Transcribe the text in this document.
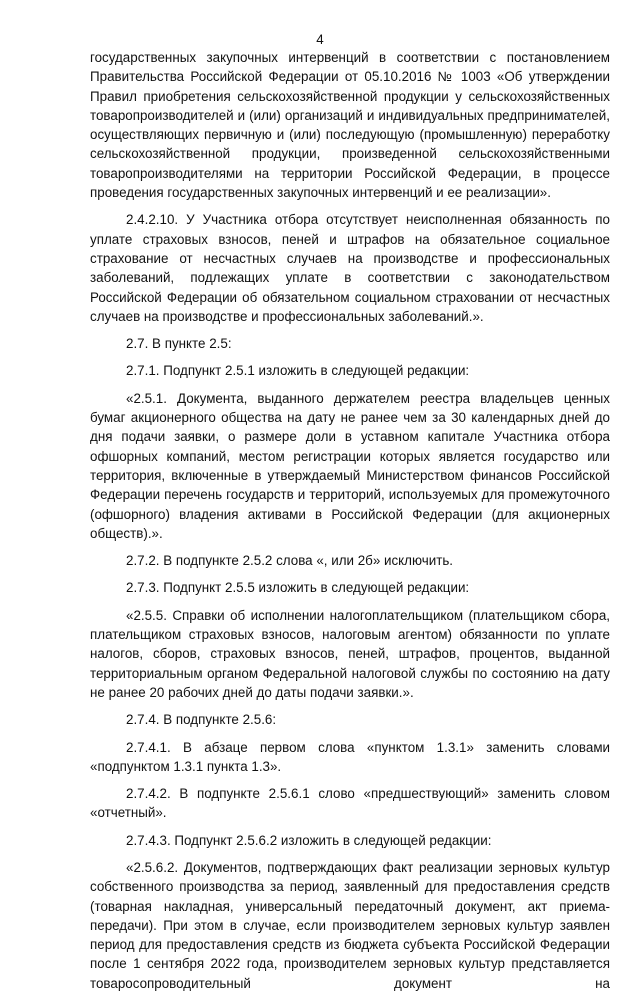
4

государственных закупочных интервенций в соответствии с постановлением Правительства Российской Федерации от 05.10.2016 № 1003 «Об утверждении Правил приобретения сельскохозяйственной продукции у сельскохозяйственных товаропроизводителей и (или) организаций и индивидуальных предпринимателей, осуществляющих первичную и (или) последующую (промышленную) переработку сельскохозяйственной продукции, произведенной сельскохозяйственными товаропроизводителями на территории Российской Федерации, в процессе проведения государственных закупочных интервенций и ее реализации».

2.4.2.10. У Участника отбора отсутствует неисполненная обязанность по уплате страховых взносов, пеней и штрафов на обязательное социальное страхование от несчастных случаев на производстве и профессиональных заболеваний, подлежащих уплате в соответствии с законодательством Российской Федерации об обязательном социальном страховании от несчастных случаев на производстве и профессиональных заболеваний.».

2.7. В пункте 2.5:

2.7.1. Подпункт 2.5.1 изложить в следующей редакции:

«2.5.1. Документа, выданного держателем реестра владельцев ценных бумаг акционерного общества на дату не ранее чем за 30 календарных дней до дня подачи заявки, о размере доли в уставном капитале Участника отбора офшорных компаний, местом регистрации которых является государство или территория, включенные в утверждаемый Министерством финансов Российской Федерации перечень государств и территорий, используемых для промежуточного (офшорного) владения активами в Российской Федерации (для акционерных обществ).».

2.7.2. В подпункте 2.5.2 слова «, или 2б» исключить.

2.7.3. Подпункт 2.5.5 изложить в следующей редакции:

«2.5.5. Справки об исполнении налогоплательщиком (плательщиком сбора, плательщиком страховых взносов, налоговым агентом) обязанности по уплате налогов, сборов, страховых взносов, пеней, штрафов, процентов, выданной территориальным органом Федеральной налоговой службы по состоянию на дату не ранее 20 рабочих дней до даты подачи заявки.».

2.7.4. В подпункте 2.5.6:

2.7.4.1. В абзаце первом слова «пунктом 1.3.1» заменить словами «подпунктом 1.3.1 пункта 1.3».

2.7.4.2. В подпункте 2.5.6.1 слово «предшествующий» заменить словом «отчетный».

2.7.4.3. Подпункт 2.5.6.2 изложить в следующей редакции:

«2.5.6.2. Документов, подтверждающих факт реализации зерновых культур собственного производства за период, заявленный для предоставления средств (товарная накладная, универсальный передаточный документ, акт приема-передачи). При этом в случае, если производителем зерновых культур заявлен период для предоставления средств из бюджета субъекта Российской Федерации после 1 сентября 2022 года, производителем зерновых культур представляется товаросопроводительный документ на
